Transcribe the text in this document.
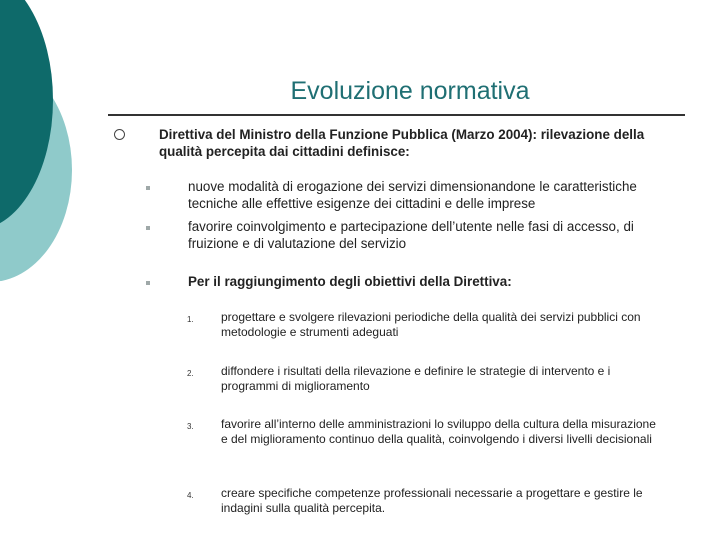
Evoluzione normativa
Direttiva del Ministro della Funzione Pubblica (Marzo 2004): rilevazione della qualità percepita dai cittadini definisce:
nuove modalità di erogazione dei servizi dimensionandone le caratteristiche tecniche alle effettive esigenze dei cittadini e delle imprese
favorire coinvolgimento e partecipazione dell’utente nelle fasi di accesso, di fruizione e di valutazione del servizio
Per il raggiungimento degli obiettivi della Direttiva:
1.	progettare e svolgere rilevazioni periodiche della qualità dei servizi pubblici con metodologie e strumenti adeguati
2.	diffondere i risultati della rilevazione e definire le strategie di intervento e i programmi di miglioramento
3.	favorire all’interno delle amministrazioni lo sviluppo della cultura della misurazione e del miglioramento continuo della qualità, coinvolgendo i diversi livelli decisionali
4.	creare specifiche competenze professionali necessarie a progettare e gestire le indagini sulla qualità percepita.
